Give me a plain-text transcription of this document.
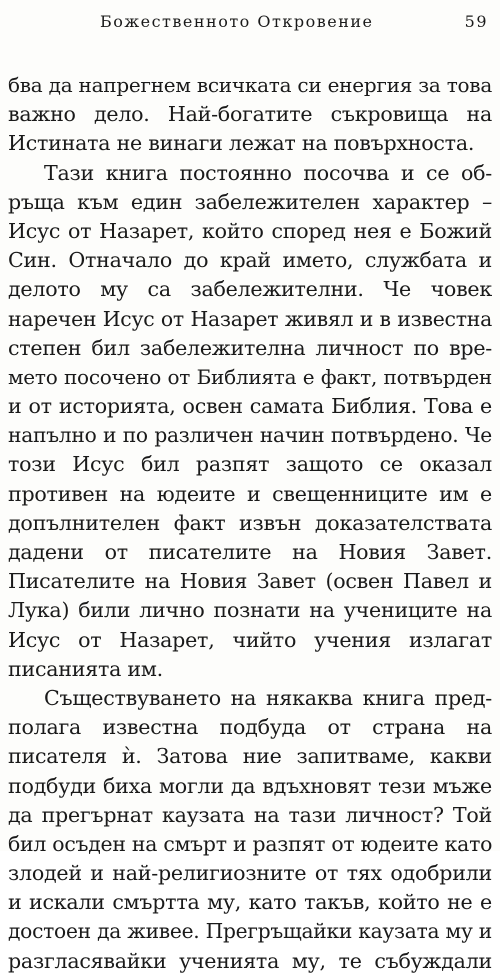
Божественното Откровение	59
бва да напрегнем всичката си енергия за това
важно дело. Най-богатите съкровища на
Истината не винаги лежат на повърхноста.
Тази книга постоянно посочва и се об-
ръща към един забележителен характер –
Исус от Назарет, който според нея е Божий
Син. Отначало до край името, службата и
делото му са забележителни. Че човек
наречен Исус от Назарет живял и в известна
степен бил забележителна личност по вре-
мето посочено от Библията е факт, потвърден
и от историята, освен самата Библия. Това е
напълно и по различен начин потвърдено. Че
този Исус бил разпят защото се оказал
противен на юдеите и свещенниците им е
допълнителен факт извън доказателствата
дадени от писателите на Новия Завет.
Писателите на Новия Завет (освен Павел и
Лука) били лично познати на учениците на
Исус от Назарет, чийто учения излагат
писанията им.
Съществуването на някаква книга пред-
полага известна подбуда от страна на
писателя ѝ. Затова ние запитваме, какви
подбуди биха могли да вдъхновят тези мъже
да прегърнат каузата на тази личност? Той
бил осъден на смърт и разпят от юдеите като
злодей и най-религиозните от тях одобрили
и искали смъртта му, като такъв, който не е
достоен да живее. Прегръщайки каузата му и
разгласявайки ученията му, те събуждали
